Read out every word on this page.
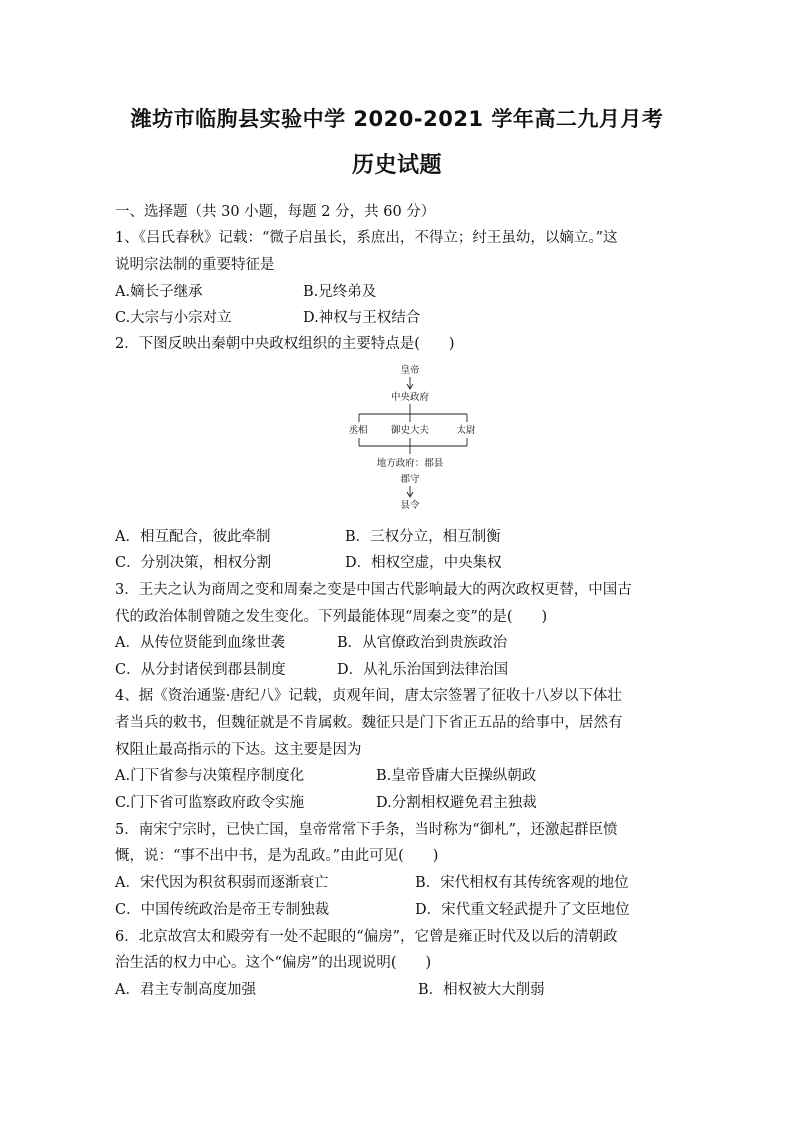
潍坊市临朐县实验中学 2020-2021 学年高二九月月考
历史试题
一、选择题（共 30 小题，每题 2 分，共 60 分）
1、《吕氏春秋》记载：“微子启虽长，系庶出，不得立；纣王虽幼，以嫡立。”这
说明宗法制的重要特征是
A.嫡长子继承	B.兄终弟及
C.大宗与小宗对立	D.神权与王权结合
2．下图反映出秦朝中央政权组织的主要特点是(　　)
皇帝
中央政府
丞相 御史大夫	太尉
地方政府：郡县
郡守
县令
A．相互配合，彼此牵制	B．三权分立，相互制衡
C．分别决策，相权分割	D．相权空虚，中央集权
3．王夫之认为商周之变和周秦之变是中国古代影响最大的两次政权更替，中国古
代的政治体制曾随之发生变化。下列最能体现“周秦之变”的是(　　)
A．从传位贤能到血缘世袭	B．从官僚政治到贵族政治
C．从分封诸侯到郡县制度	D．从礼乐治国到法律治国
4、据《资治通鉴·唐纪八》记载，贞观年间，唐太宗签署了征收十八岁以下体壮
者当兵的敕书，但魏征就是不肯属敕。魏征只是门下省正五品的给事中，居然有
权阻止最高指示的下达。这主要是因为
A.门下省参与决策程序制度化	B.皇帝昏庸大臣操纵朝政
C.门下省可监察政府政令实施	D.分割相权避免君主独裁
5．南宋宁宗时，已快亡国，皇帝常常下手条，当时称为“御札”，还激起群臣愤
慨，说：“事不出中书，是为乱政。”由此可见(　　)
A．宋代因为积贫积弱而逐渐衰亡	B．宋代相权有其传统客观的地位
C．中国传统政治是帝王专制独裁	D．宋代重文轻武提升了文臣地位
6．北京故宫太和殿旁有一处不起眼的“偏房”，它曾是雍正时代及以后的清朝政
治生活的权力中心。这个“偏房”的出现说明(　　)
A．君主专制高度加强	B．相权被大大削弱
